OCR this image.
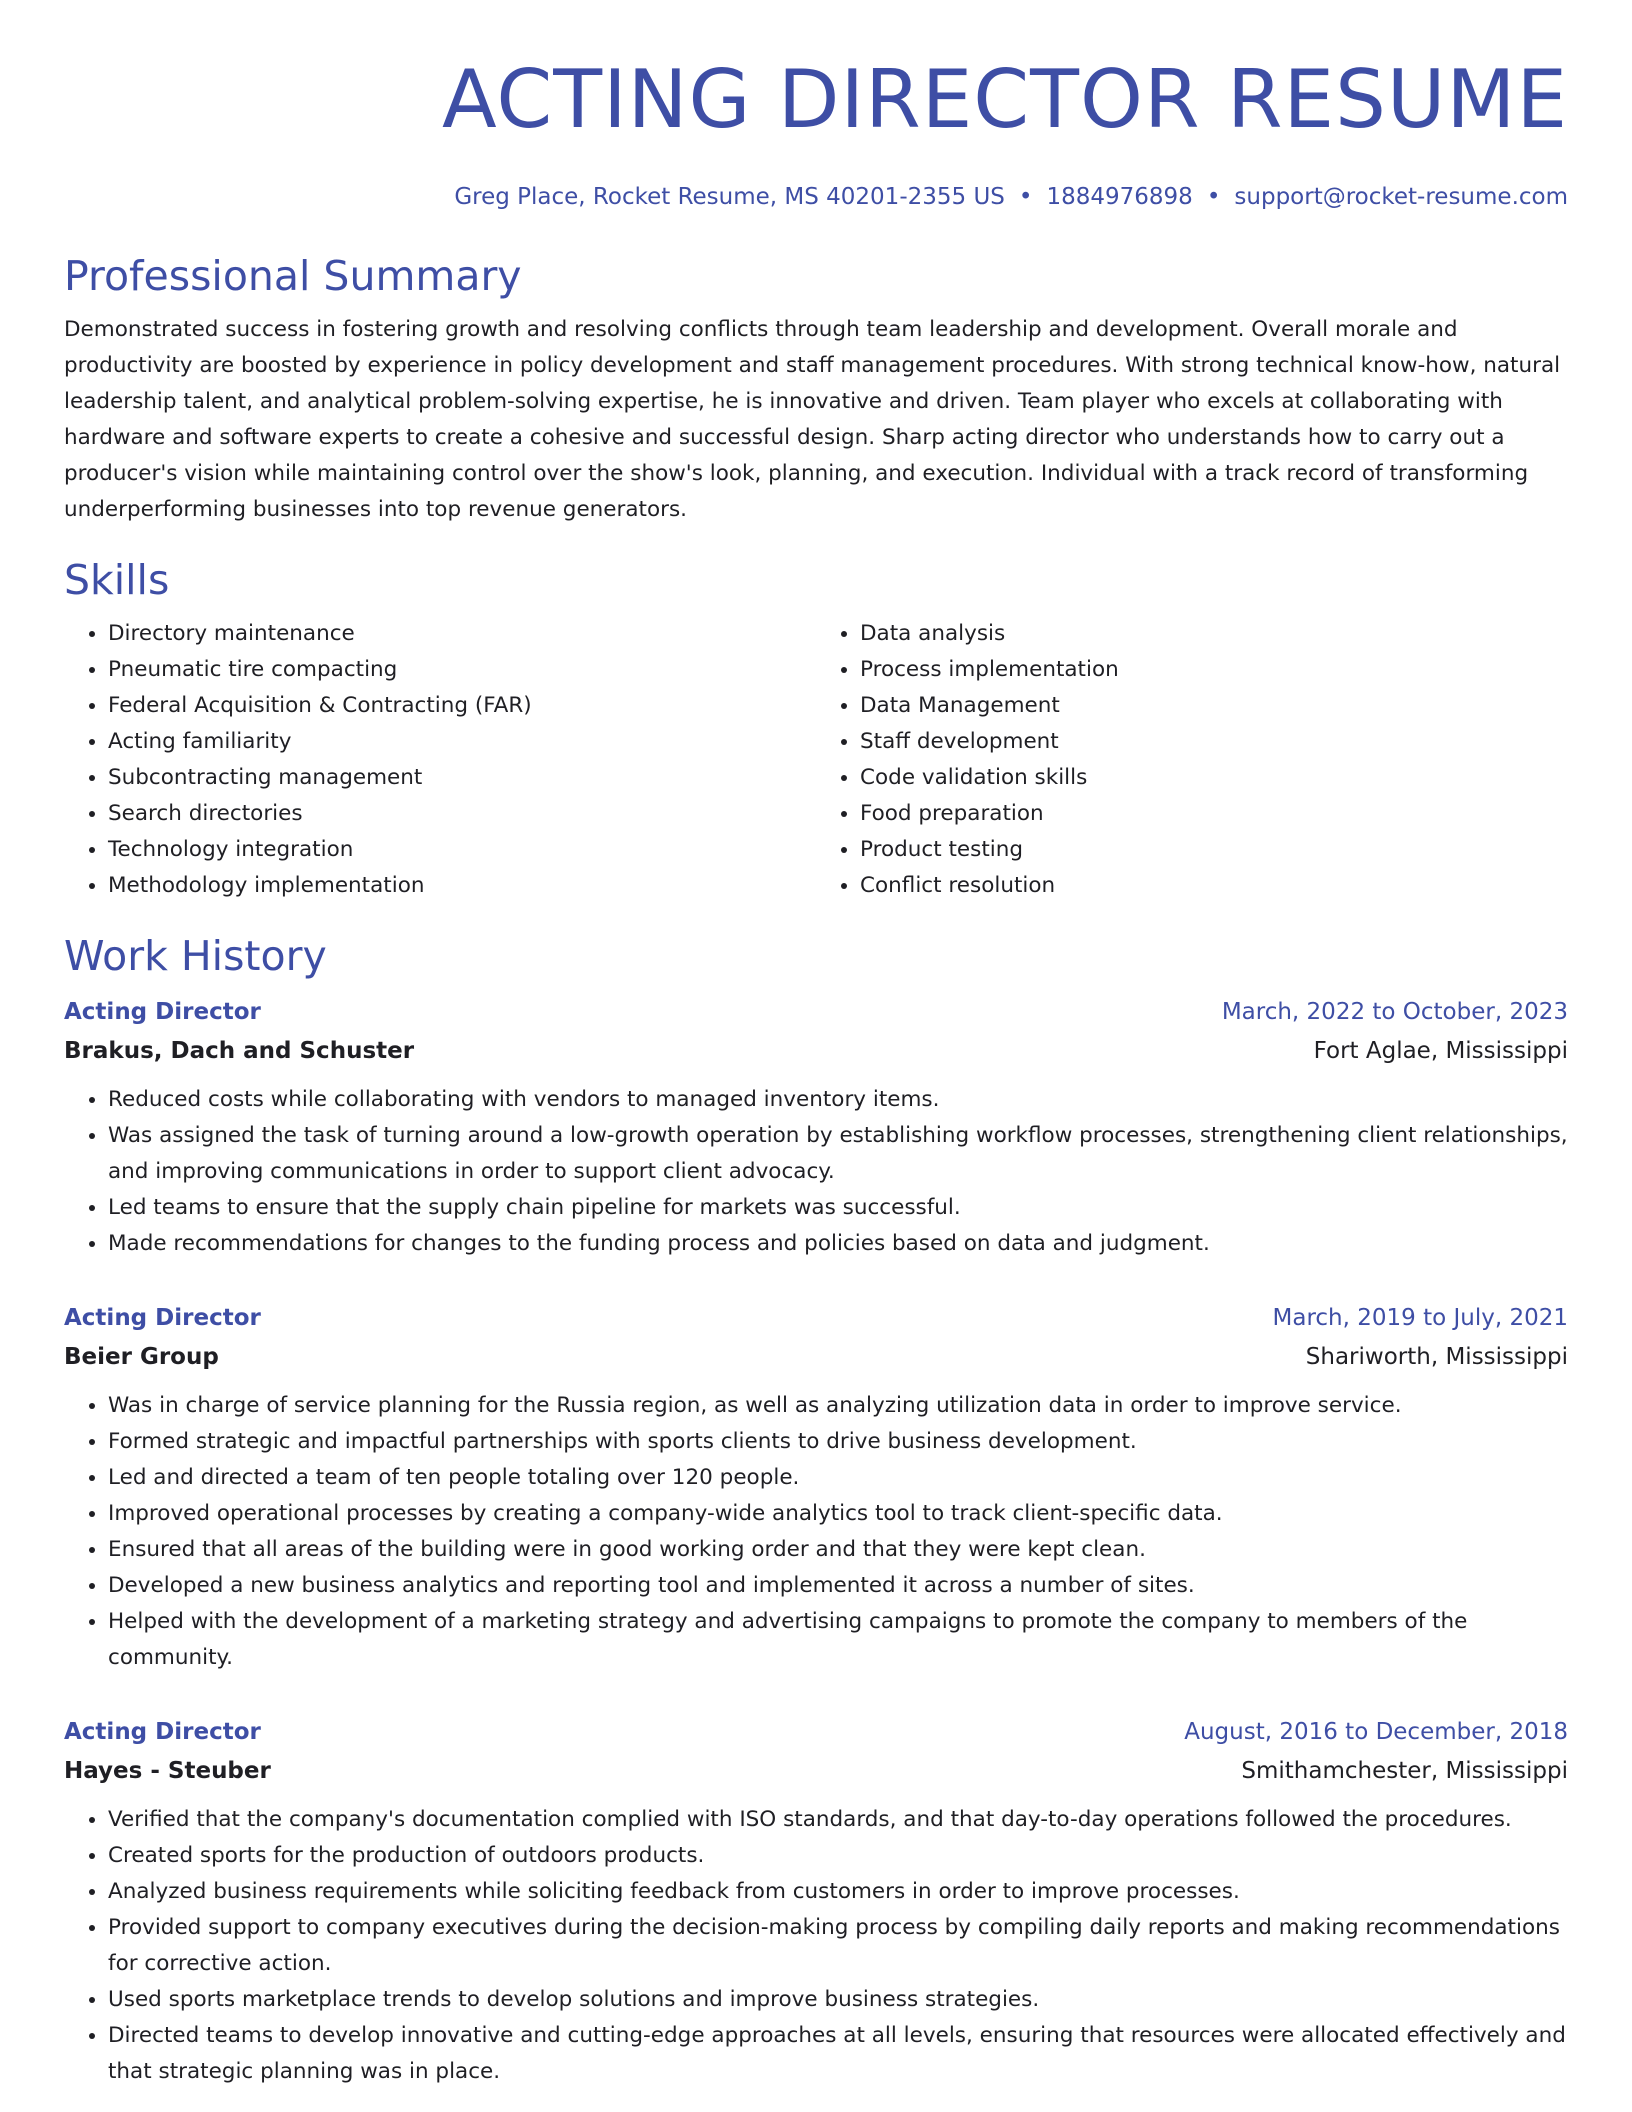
ACTING DIRECTOR RESUME
Greg Place, Rocket Resume, MS 40201-2355 US • 1884976898 • support@rocket-resume.com
Professional Summary

Demonstrated success in fostering growth and resolving conflicts through team leadership and development. Overall morale and productivity are boosted by experience in policy development and staff management procedures. With strong technical know-how, natural leadership talent, and analytical problem-solving expertise, he is innovative and driven. Team player who excels at collaborating with hardware and software experts to create a cohesive and successful design. Sharp acting director who understands how to carry out a producer's vision while maintaining control over the show's look, planning, and execution. Individual with a track record of transforming underperforming businesses into top revenue generators.

Skills
• Directory maintenance
• Pneumatic tire compacting
• Federal Acquisition & Contracting (FAR)
• Acting familiarity
• Subcontracting management
• Search directories
• Technology integration
• Methodology implementation
• Data analysis
• Process implementation
• Data Management
• Staff development
• Code validation skills
• Food preparation
• Product testing
• Conflict resolution
Work History
Acting Director	March, 2022 to October, 2023
Brakus, Dach and Schuster	Fort Aglae, Mississippi
• Reduced costs while collaborating with vendors to managed inventory items.
• Was assigned the task of turning around a low-growth operation by establishing workflow processes, strengthening client relationships, and improving communications in order to support client advocacy.
• Led teams to ensure that the supply chain pipeline for markets was successful.
• Made recommendations for changes to the funding process and policies based on data and judgment.
Acting Director	March, 2019 to July, 2021
Beier Group	Shariworth, Mississippi
• Was in charge of service planning for the Russia region, as well as analyzing utilization data in order to improve service.
• Formed strategic and impactful partnerships with sports clients to drive business development.
• Led and directed a team of ten people totaling over 120 people.
• Improved operational processes by creating a company-wide analytics tool to track client-specific data.
• Ensured that all areas of the building were in good working order and that they were kept clean.
• Developed a new business analytics and reporting tool and implemented it across a number of sites.
• Helped with the development of a marketing strategy and advertising campaigns to promote the company to members of the community.
Acting Director	August, 2016 to December, 2018
Hayes - Steuber	Smithamchester, Mississippi
• Verified that the company's documentation complied with ISO standards, and that day-to-day operations followed the procedures.
• Created sports for the production of outdoors products.
• Analyzed business requirements while soliciting feedback from customers in order to improve processes.
• Provided support to company executives during the decision-making process by compiling daily reports and making recommendations for corrective action.
• Used sports marketplace trends to develop solutions and improve business strategies.
• Directed teams to develop innovative and cutting-edge approaches at all levels, ensuring that resources were allocated effectively and that strategic planning was in place.
